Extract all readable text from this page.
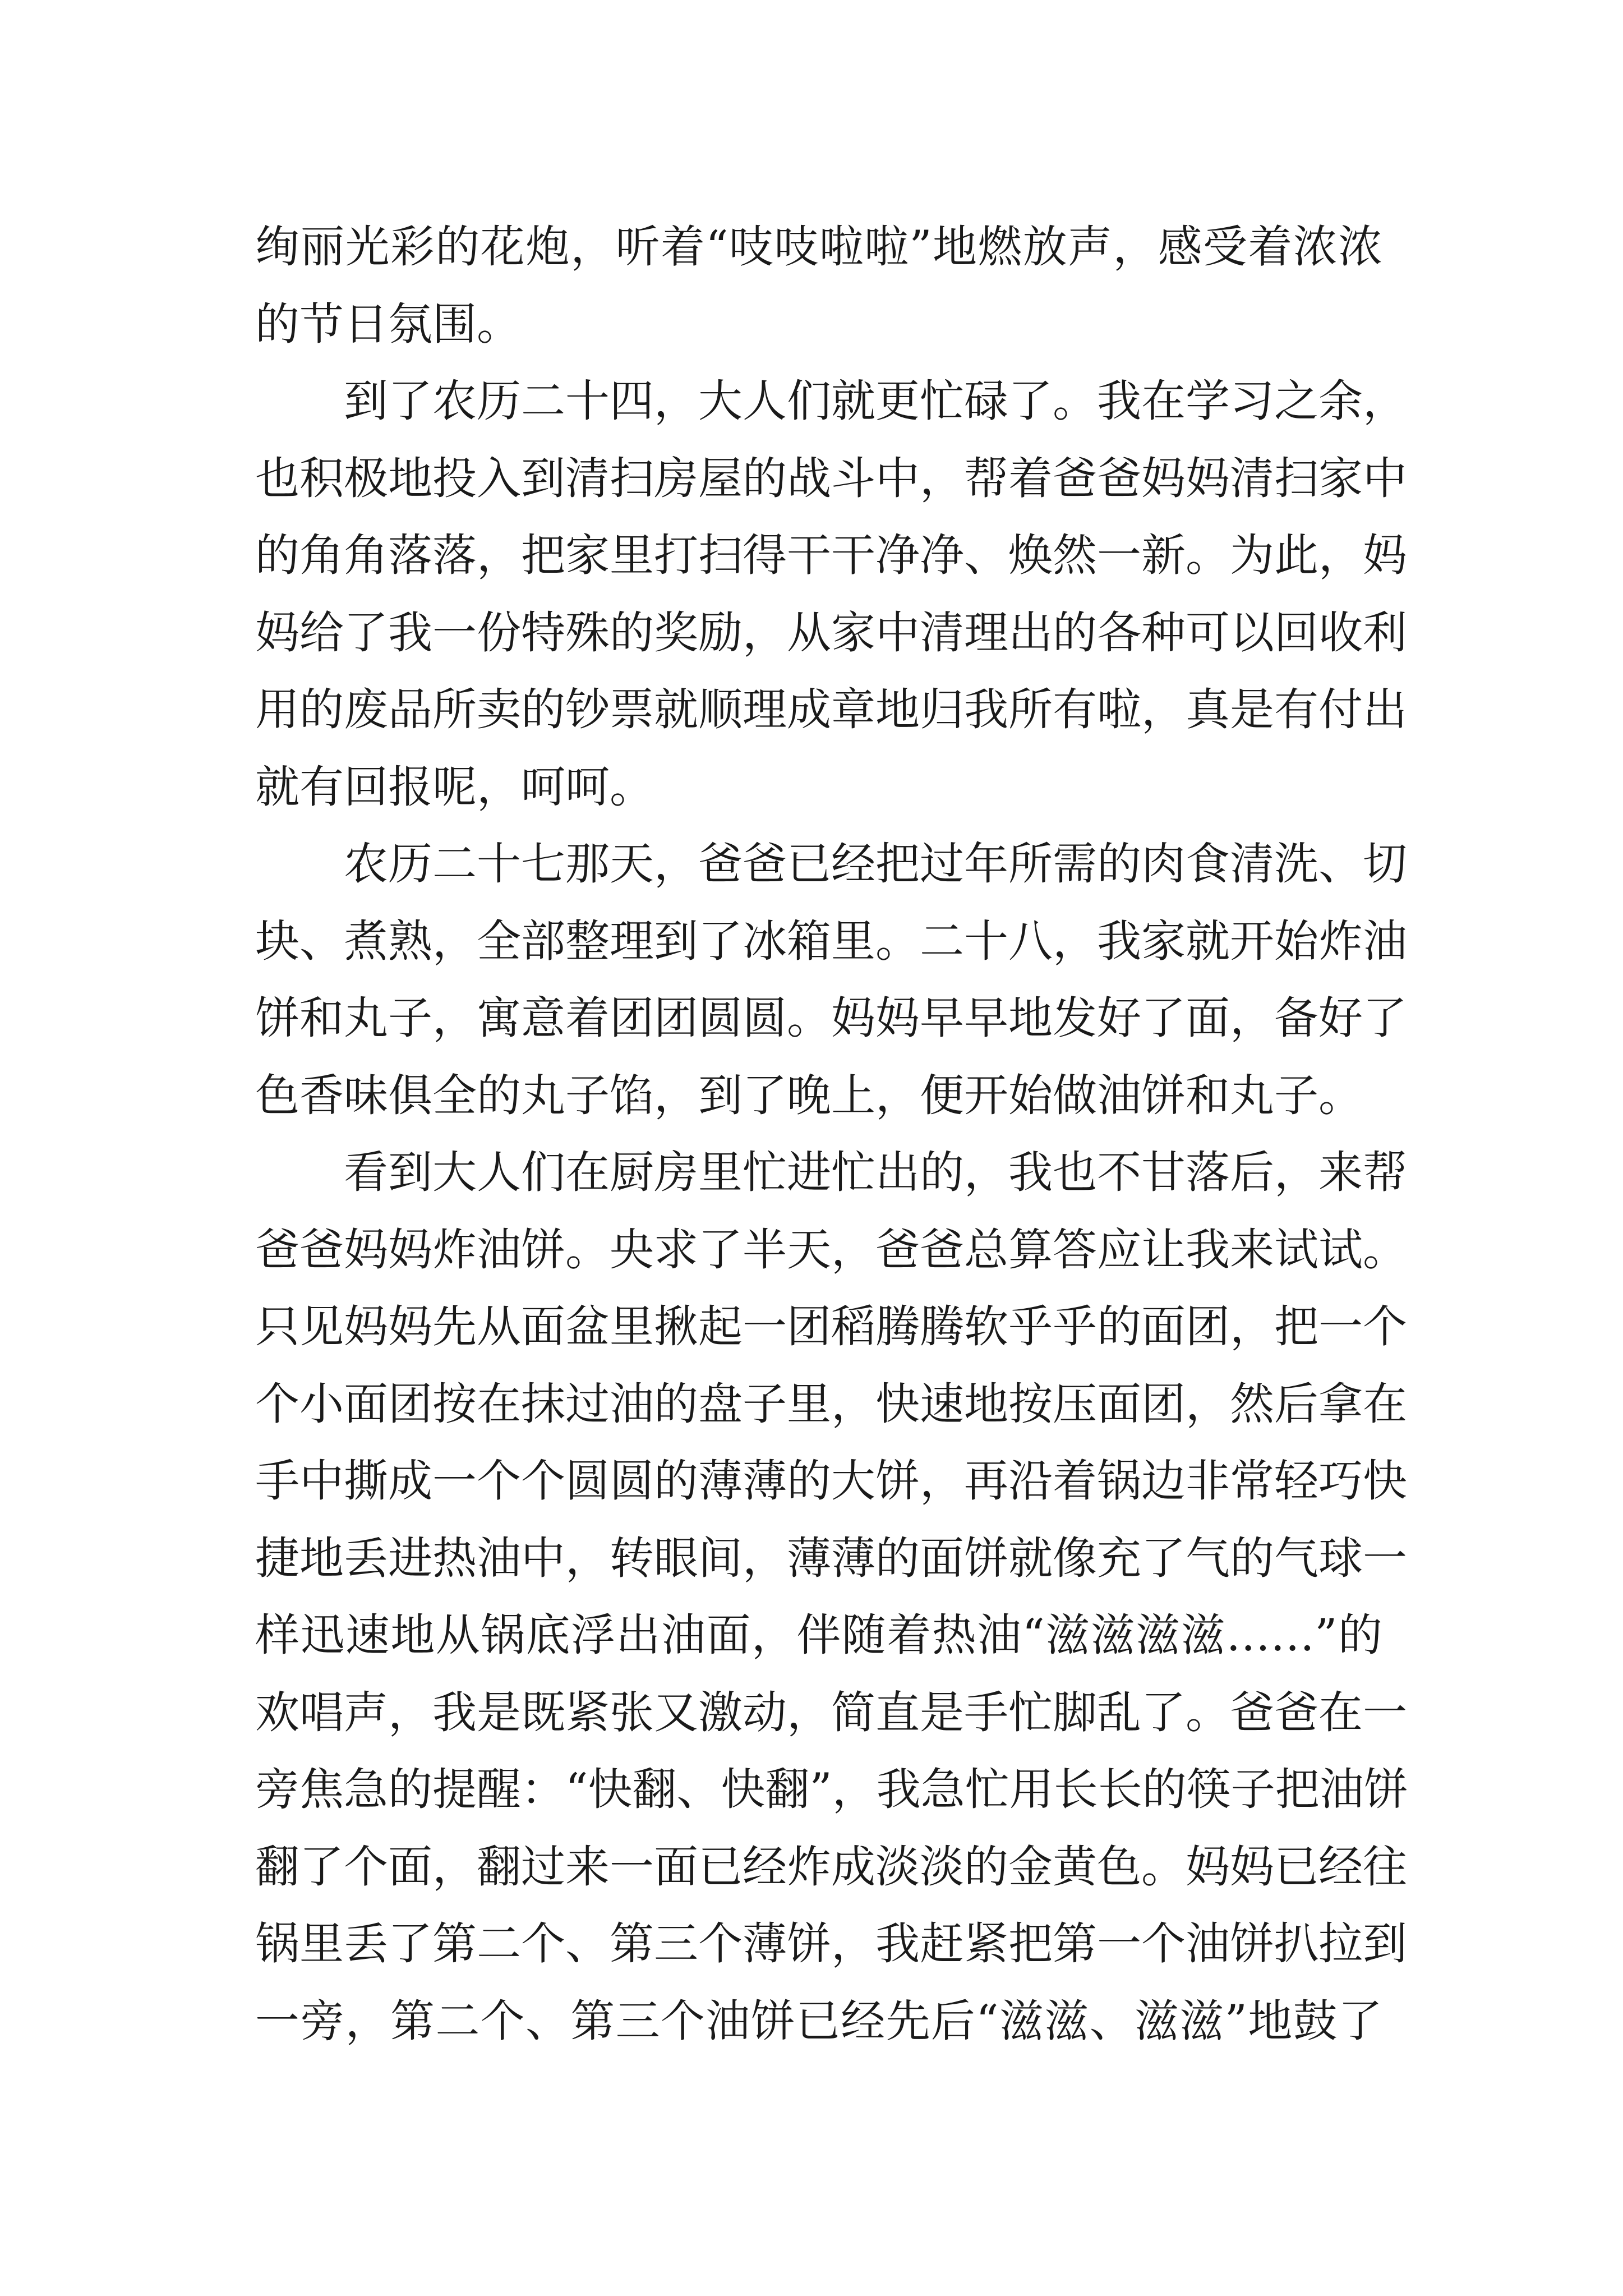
绚丽光彩的花炮，听着“吱吱啦啦”地燃放声，感受着浓浓
的节日氛围。
到了农历二十四，大人们就更忙碌了。我在学习之余，
也积极地投入到清扫房屋的战斗中，帮着爸爸妈妈清扫家中
的角角落落，把家里打扫得干干净净、焕然一新。为此，妈
妈给了我一份特殊的奖励，从家中清理出的各种可以回收利
用的废品所卖的钞票就顺理成章地归我所有啦，真是有付出
就有回报呢，呵呵。
农历二十七那天，爸爸已经把过年所需的肉食清洗、切
块、煮熟，全部整理到了冰箱里。二十八，我家就开始炸油
饼和丸子，寓意着团团圆圆。妈妈早早地发好了面，备好了
色香味俱全的丸子馅，到了晚上，便开始做油饼和丸子。
看到大人们在厨房里忙进忙出的，我也不甘落后，来帮
爸爸妈妈炸油饼。央求了半天，爸爸总算答应让我来试试。
只见妈妈先从面盆里揪起一团稻腾腾软乎乎的面团，把一个
个小面团按在抹过油的盘子里，快速地按压面团，然后拿在
手中撕成一个个圆圆的薄薄的大饼，再沿着锅边非常轻巧快
捷地丢进热油中，转眼间，薄薄的面饼就像充了气的气球一
样迅速地从锅底浮出油面，伴随着热油“滋滋滋滋……”的
欢唱声，我是既紧张又激动，简直是手忙脚乱了。爸爸在一
旁焦急的提醒：“快翻、快翻”，我急忙用长长的筷子把油饼
翻了个面，翻过来一面已经炸成淡淡的金黄色。妈妈已经往
锅里丢了第二个、第三个薄饼，我赶紧把第一个油饼扒拉到
一旁，第二个、第三个油饼已经先后“滋滋、滋滋”地鼓了
